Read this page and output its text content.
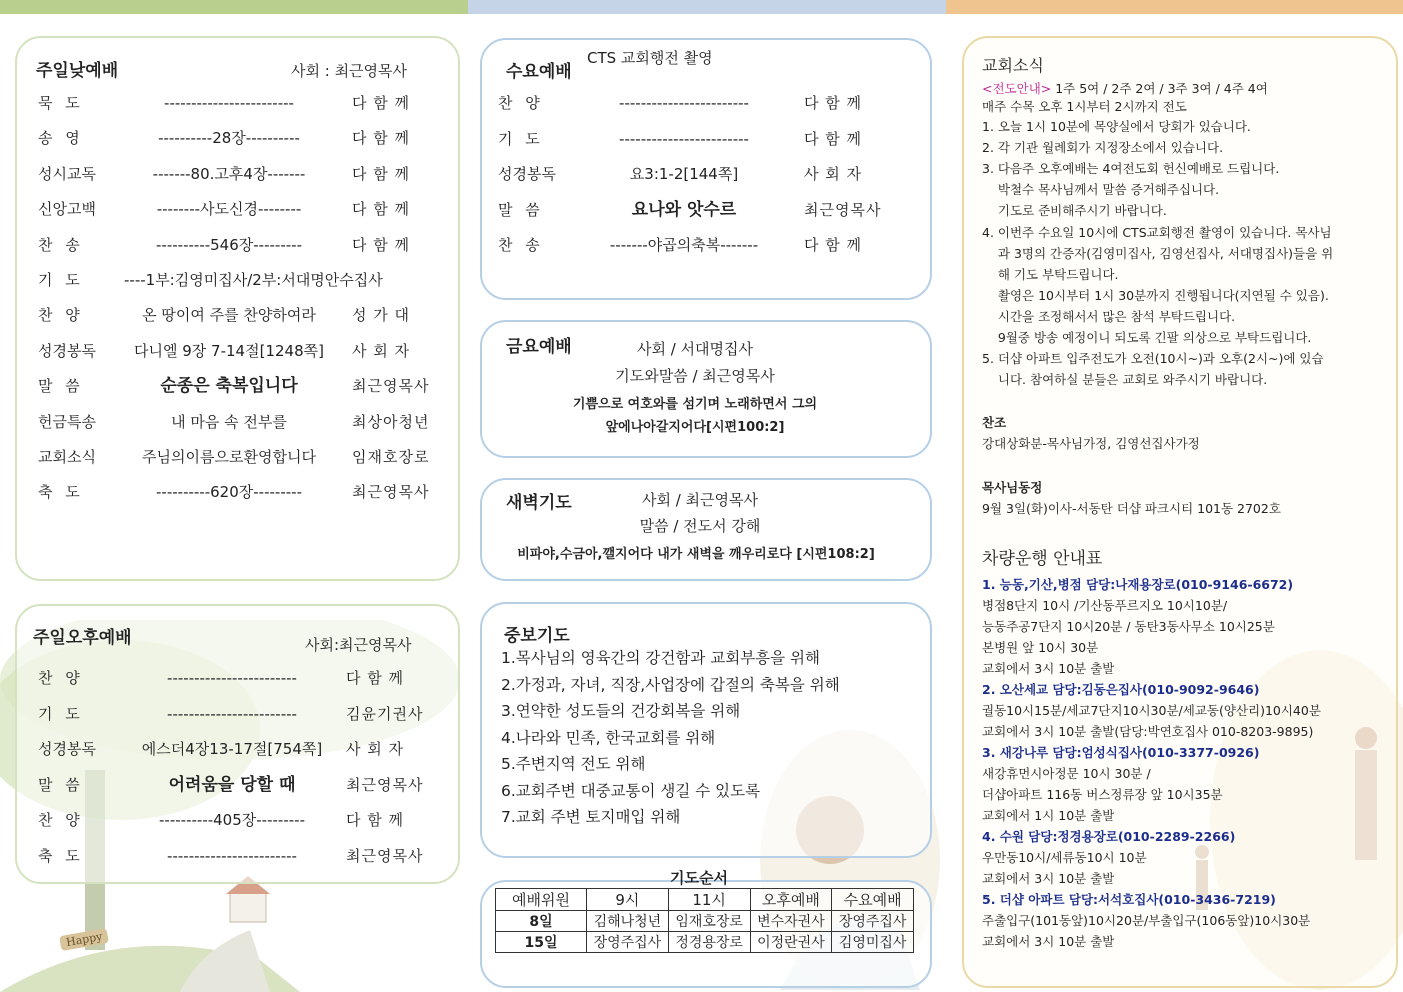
Happy
주일낮예배	사회 : 최근영목사
묵 도	------------------------	다 함 께
송 영	----------28장----------	다 함 께
성시교독	-------80.고후4장-------	다 함 께
신앙고백	--------사도신경--------	다 함 께
찬 송	----------546장---------	다 함 께
기 도	----1부:김영미집사/2부:서대명안수집사
찬 양	온 땅이여 주를 찬양하여라	성 가 대
성경봉독	다니엘 9장 7-14절[1248쪽]	사 회 자
말 씀	순종은 축복입니다	최근영목사
헌금특송	내 마음 속 전부를	최상아청년
교회소식	주님의이름으로환영합니다	임재호장로
축 도	----------620장---------	최근영목사
주일오후예배	사회:최근영목사
찬 양	------------------------	다 함 께
기 도	------------------------	김윤기권사
성경봉독	에스더4장13-17절[754쪽]	사 회 자
말 씀	어려움을 당할 때	최근영목사
찬 양	----------405장---------	다 함 께
축 도	------------------------	최근영목사
수요예배
CTS 교회행전 촬영
찬 양	------------------------	다 함 께
기 도	------------------------	다 함 께
성경봉독	요3:1-2[144쪽]	사 회 자
말 씀	요나와 앗수르	최근영목사
찬 송	-------야곱의축복-------	다 함 께
금요예배	사회 / 서대명집사
기도와말씀 / 최근영목사
기쁨으로 여호와를 섬기며 노래하면서 그의
앞에나아갈지어다[시편100:2]
새벽기도	사회 / 최근영목사
말씀 / 전도서 강해
비파야,수금아,깰지어다 내가 새벽을 깨우리로다 [시편108:2]
중보기도
1.목사님의 영육간의 강건함과 교회부흥을 위해
2.가정과, 자녀, 직장,사업장에 갑절의 축복을 위해
3.연약한 성도들의 건강회복을 위해
4.나라와 민족, 한국교회를 위해
5.주변지역 전도 위해
6.교회주변 대중교통이 생길 수 있도록
7.교회 주변 토지매입 위해
기도순서
예배위원	9시	11시	오후예배	수요예배
8일	김해나청년	임재호장로	변수자권사	장영주집사
15일	장영주집사	정경용장로	이정란권사	김영미집사
교회소식
<전도안내> 1주 5여 / 2주 2여 / 3주 3여 / 4주 4여
매주 수목 오후 1시부터 2시까지 전도
1. 오늘 1시 10분에 목양실에서 당회가 있습니다.
2. 각 기관 월례회가 지정장소에서 있습니다.
3. 다음주 오후예배는 4여전도회 헌신예배로 드립니다.
박철수 목사님께서 말씀 증거해주십니다.
기도로 준비해주시기 바랍니다.
4. 이번주 수요일 10시에 CTS교회행전 촬영이 있습니다. 목사님
과 3명의 간증자(김영미집사, 김영선집사, 서대명집사)들을 위
해 기도 부탁드립니다.
촬영은 10시부터 1시 30분까지 진행됩니다(지연될 수 있음).
시간을 조정해서서 많은 참석 부탁드립니다.
9월중 방송 예정이니 되도록 긴팔 의상으로 부탁드립니다.
5. 더샵 아파트 입주전도가 오전(10시~)과 오후(2시~)에 있습
니다. 참여하실 분들은 교회로 와주시기 바랍니다.
찬조
강대상화분-목사님가정, 김영선집사가정
목사님동정
9월 3일(화)이사-서동탄 더샵 파크시티 101동 2702호
차량운행 안내표
1. 능동,기산,병점 담당:나재용장로(010-9146-6672)
병점8단지 10시 /기산동푸르지오 10시10분/
능동주공7단지 10시20분 / 동탄3동사무소 10시25분
본병원 앞 10시 30분
교회에서 3시 10분 출발
2. 오산세교 담당:김동은집사(010-9092-9646)
궐동10시15분/세교7단지10시30분/세교동(양산리)10시40분
교회에서 3시 10분 출발(담당:박연호집사 010-8203-9895)
3. 새강나루 담당:엄성식집사(010-3377-0926)
새강휴먼시아정문 10시 30분 /
더샵아파트 116동 버스정류장 앞 10시35분
교회에서 1시 10분 출발
4. 수원 담당:정경용장로(010-2289-2266)
우만동10시/세류동10시 10분
교회에서 3시 10분 출발
5. 더샵 아파트 담당:서석호집사(010-3436-7219)
주출입구(101동앞)10시20분/부출입구(106동앞)10시30분
교회에서 3시 10분 출발
